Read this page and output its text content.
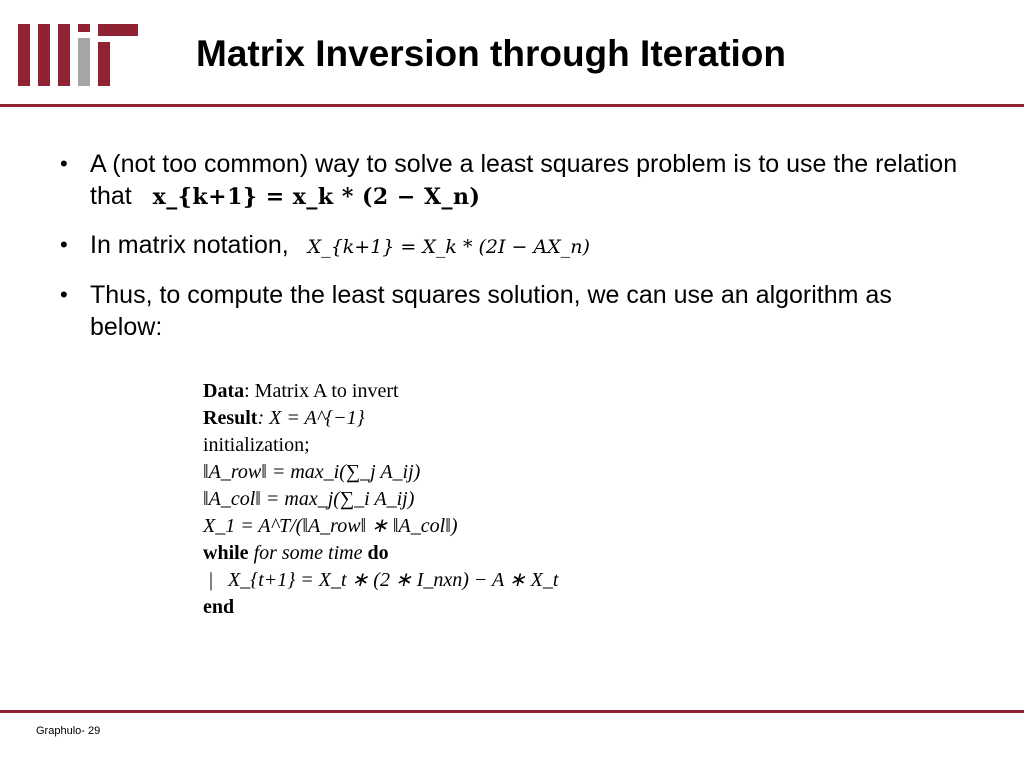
Matrix Inversion through Iteration
• A (not too common) way to solve a least squares problem is to use the relation that x_{k+1} = x_k * (2 − X_n)
• In matrix notation, X_{k+1} = X_k * (2I − AX_n)
• Thus, to compute the least squares solution, we can use an algorithm as below:
Data: Matrix A to invert
Result: X = A^{−1}
initialization;
‖A_row‖ = max_i(∑_j A_ij)
‖A_col‖ = max_j(∑_i A_ij)
X_1 = A^T/(‖A_row‖ ∗ ‖A_col‖)
while for some time do
| X_{t+1} = X_t ∗ (2 ∗ I_nxn) − A ∗ X_t
end
Graphulo- 29
